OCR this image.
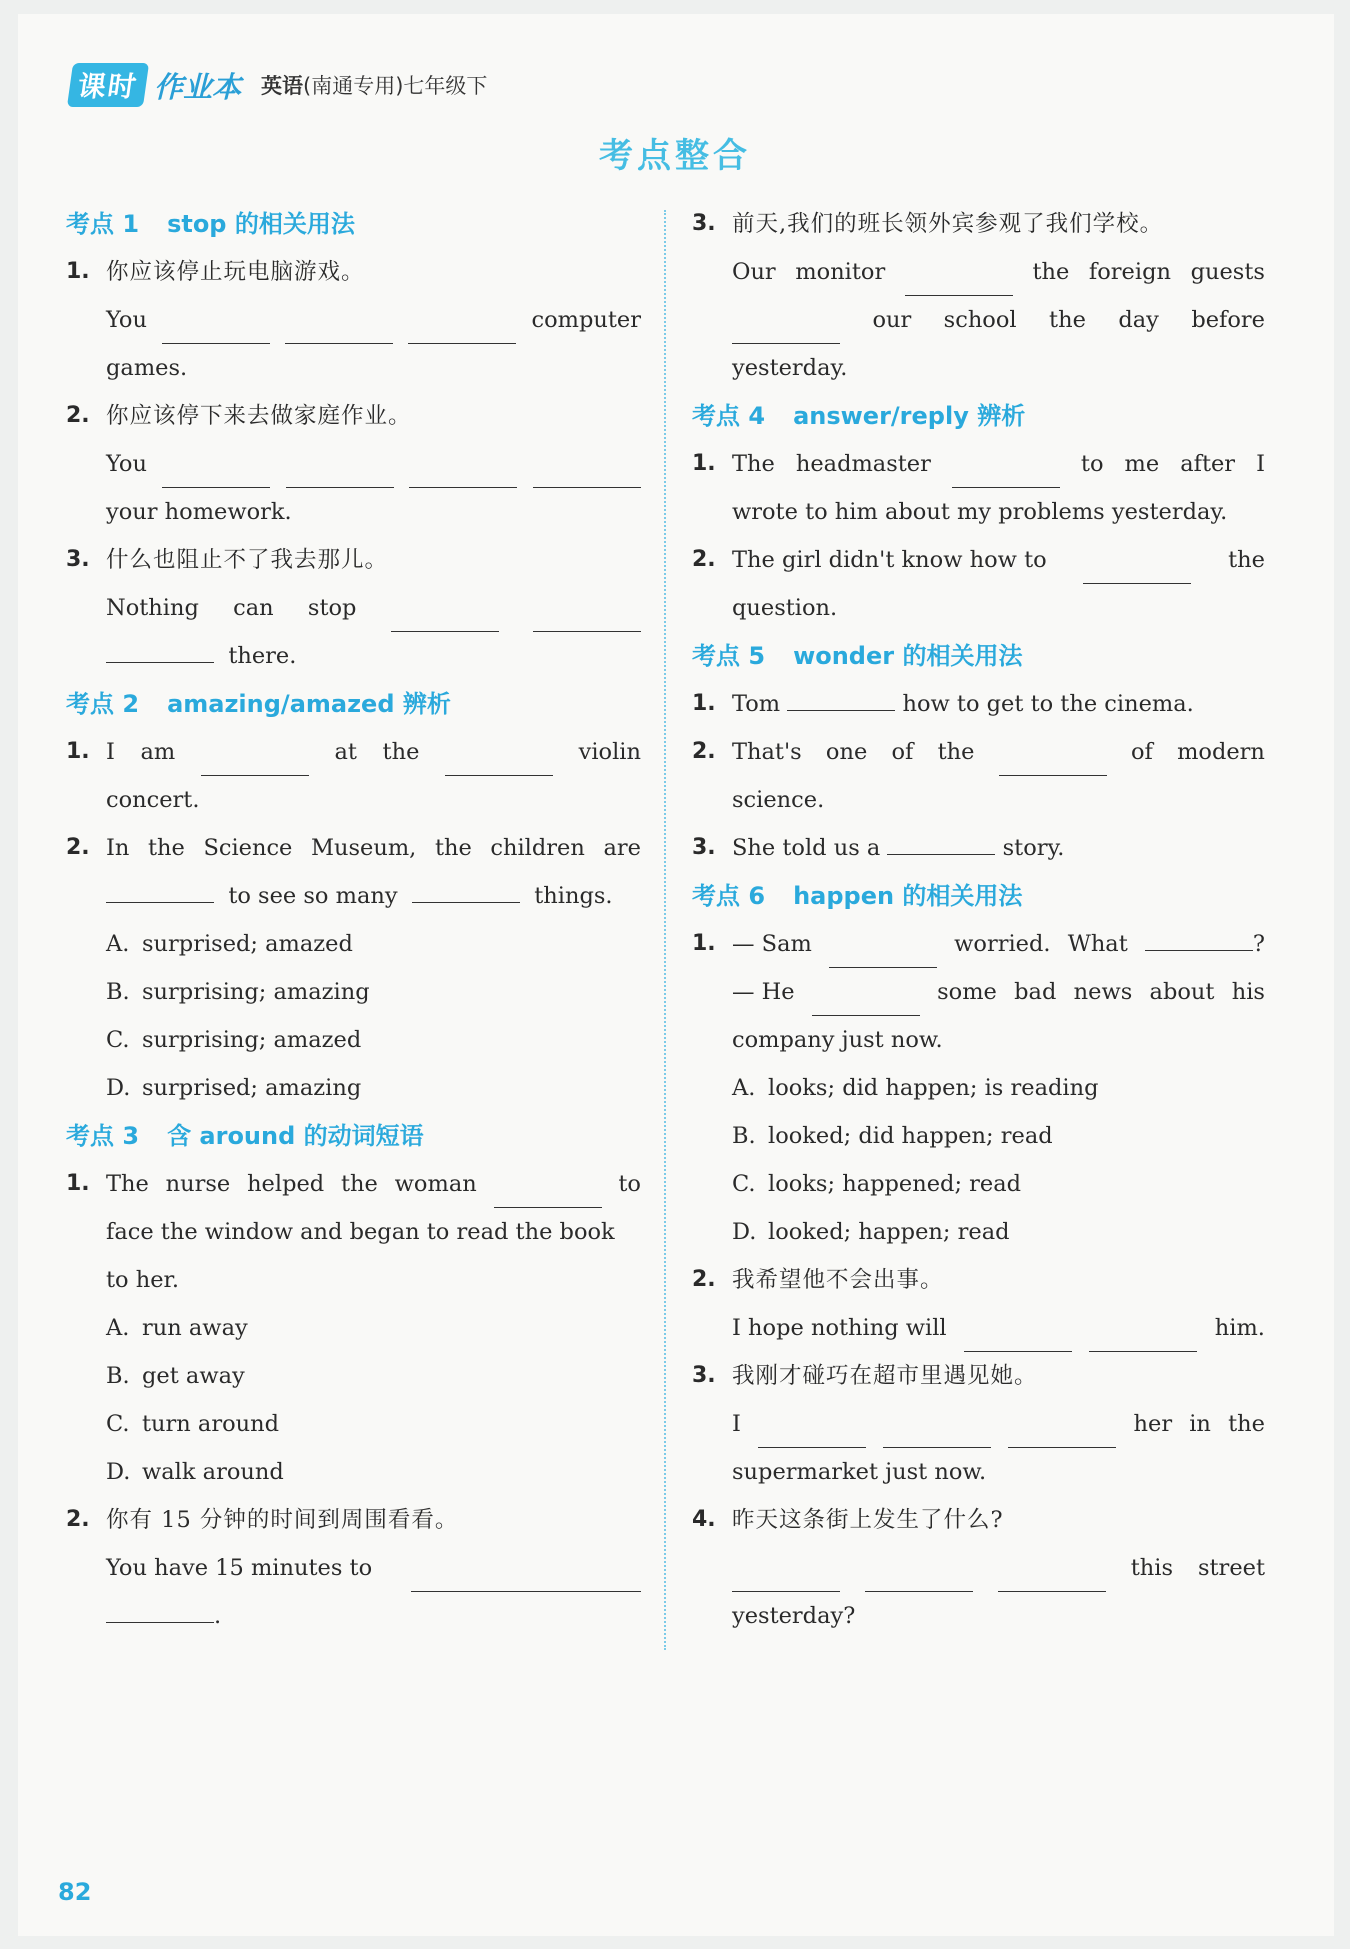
课时 作业本 英语(南通专用)七年级下
考点整合
考点 1 stop 的相关用法
1. 你应该停止玩电脑游戏。
You	computer
games.
2. 你应该停下来去做家庭作业。
You
your homework.
3. 什么也阻止不了我去那儿。
Nothing can stop
there.
考点 2 amazing/amazed 辨析
1. I am	at the	violin
concert.
2. In the Science Museum, the children are
to see so many	things.
A. surprised; amazed
B. surprising; amazing
C. surprising; amazed
D. surprised; amazing
考点 3 含 around 的动词短语
1. The nurse helped the woman	to
face the window and began to read the book
to her.
A. run away
B. get away
C. turn around
D. walk around
2. 你有 15 分钟的时间到周围看看。
You have 15 minutes to
.
3. 前天,我们的班长领外宾参观了我们学校。
Our monitor	the foreign guests
our school the day before
yesterday.
考点 4 answer/reply 辨析
1. The headmaster	to me after I
wrote to him about my problems yesterday.
2. The girl didn't know how to	the
question.
考点 5 wonder 的相关用法
1. Tom	how to get to the cinema.
2. That's one of the	of modern
science.
3. She told us a	story.
考点 6 happen 的相关用法
1. — Sam	worried. What	?
— He	some bad news about his
company just now.
A. looks; did happen; is reading
B. looked; did happen; read
C. looks; happened; read
D. looked; happen; read
2. 我希望他不会出事。
I hope nothing will	him.
3. 我刚才碰巧在超市里遇见她。
I	her in the
supermarket just now.
4. 昨天这条街上发生了什么?
this street
yesterday?
82
